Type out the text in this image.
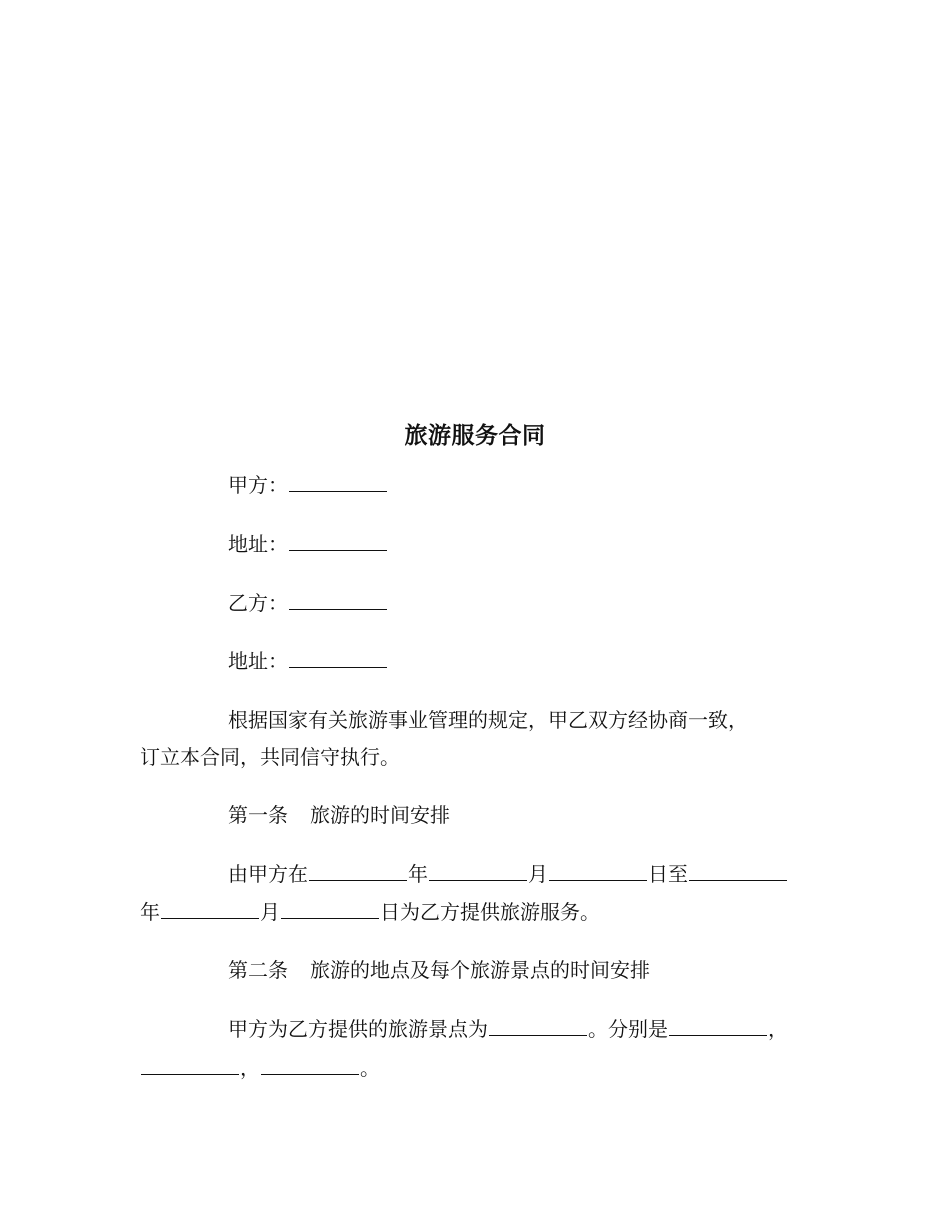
旅游服务合同
甲方：
地址：
乙方：
地址：
根据国家有关旅游事业管理的规定，甲乙双方经协商一致，
订立本合同，共同信守执行。
第一条 旅游的时间安排
由甲方在	年	月	日至
年	月	日为乙方提供旅游服务。
第二条 旅游的地点及每个旅游景点的时间安排
甲方为乙方提供的旅游景点为	。分别是	，
，	。
